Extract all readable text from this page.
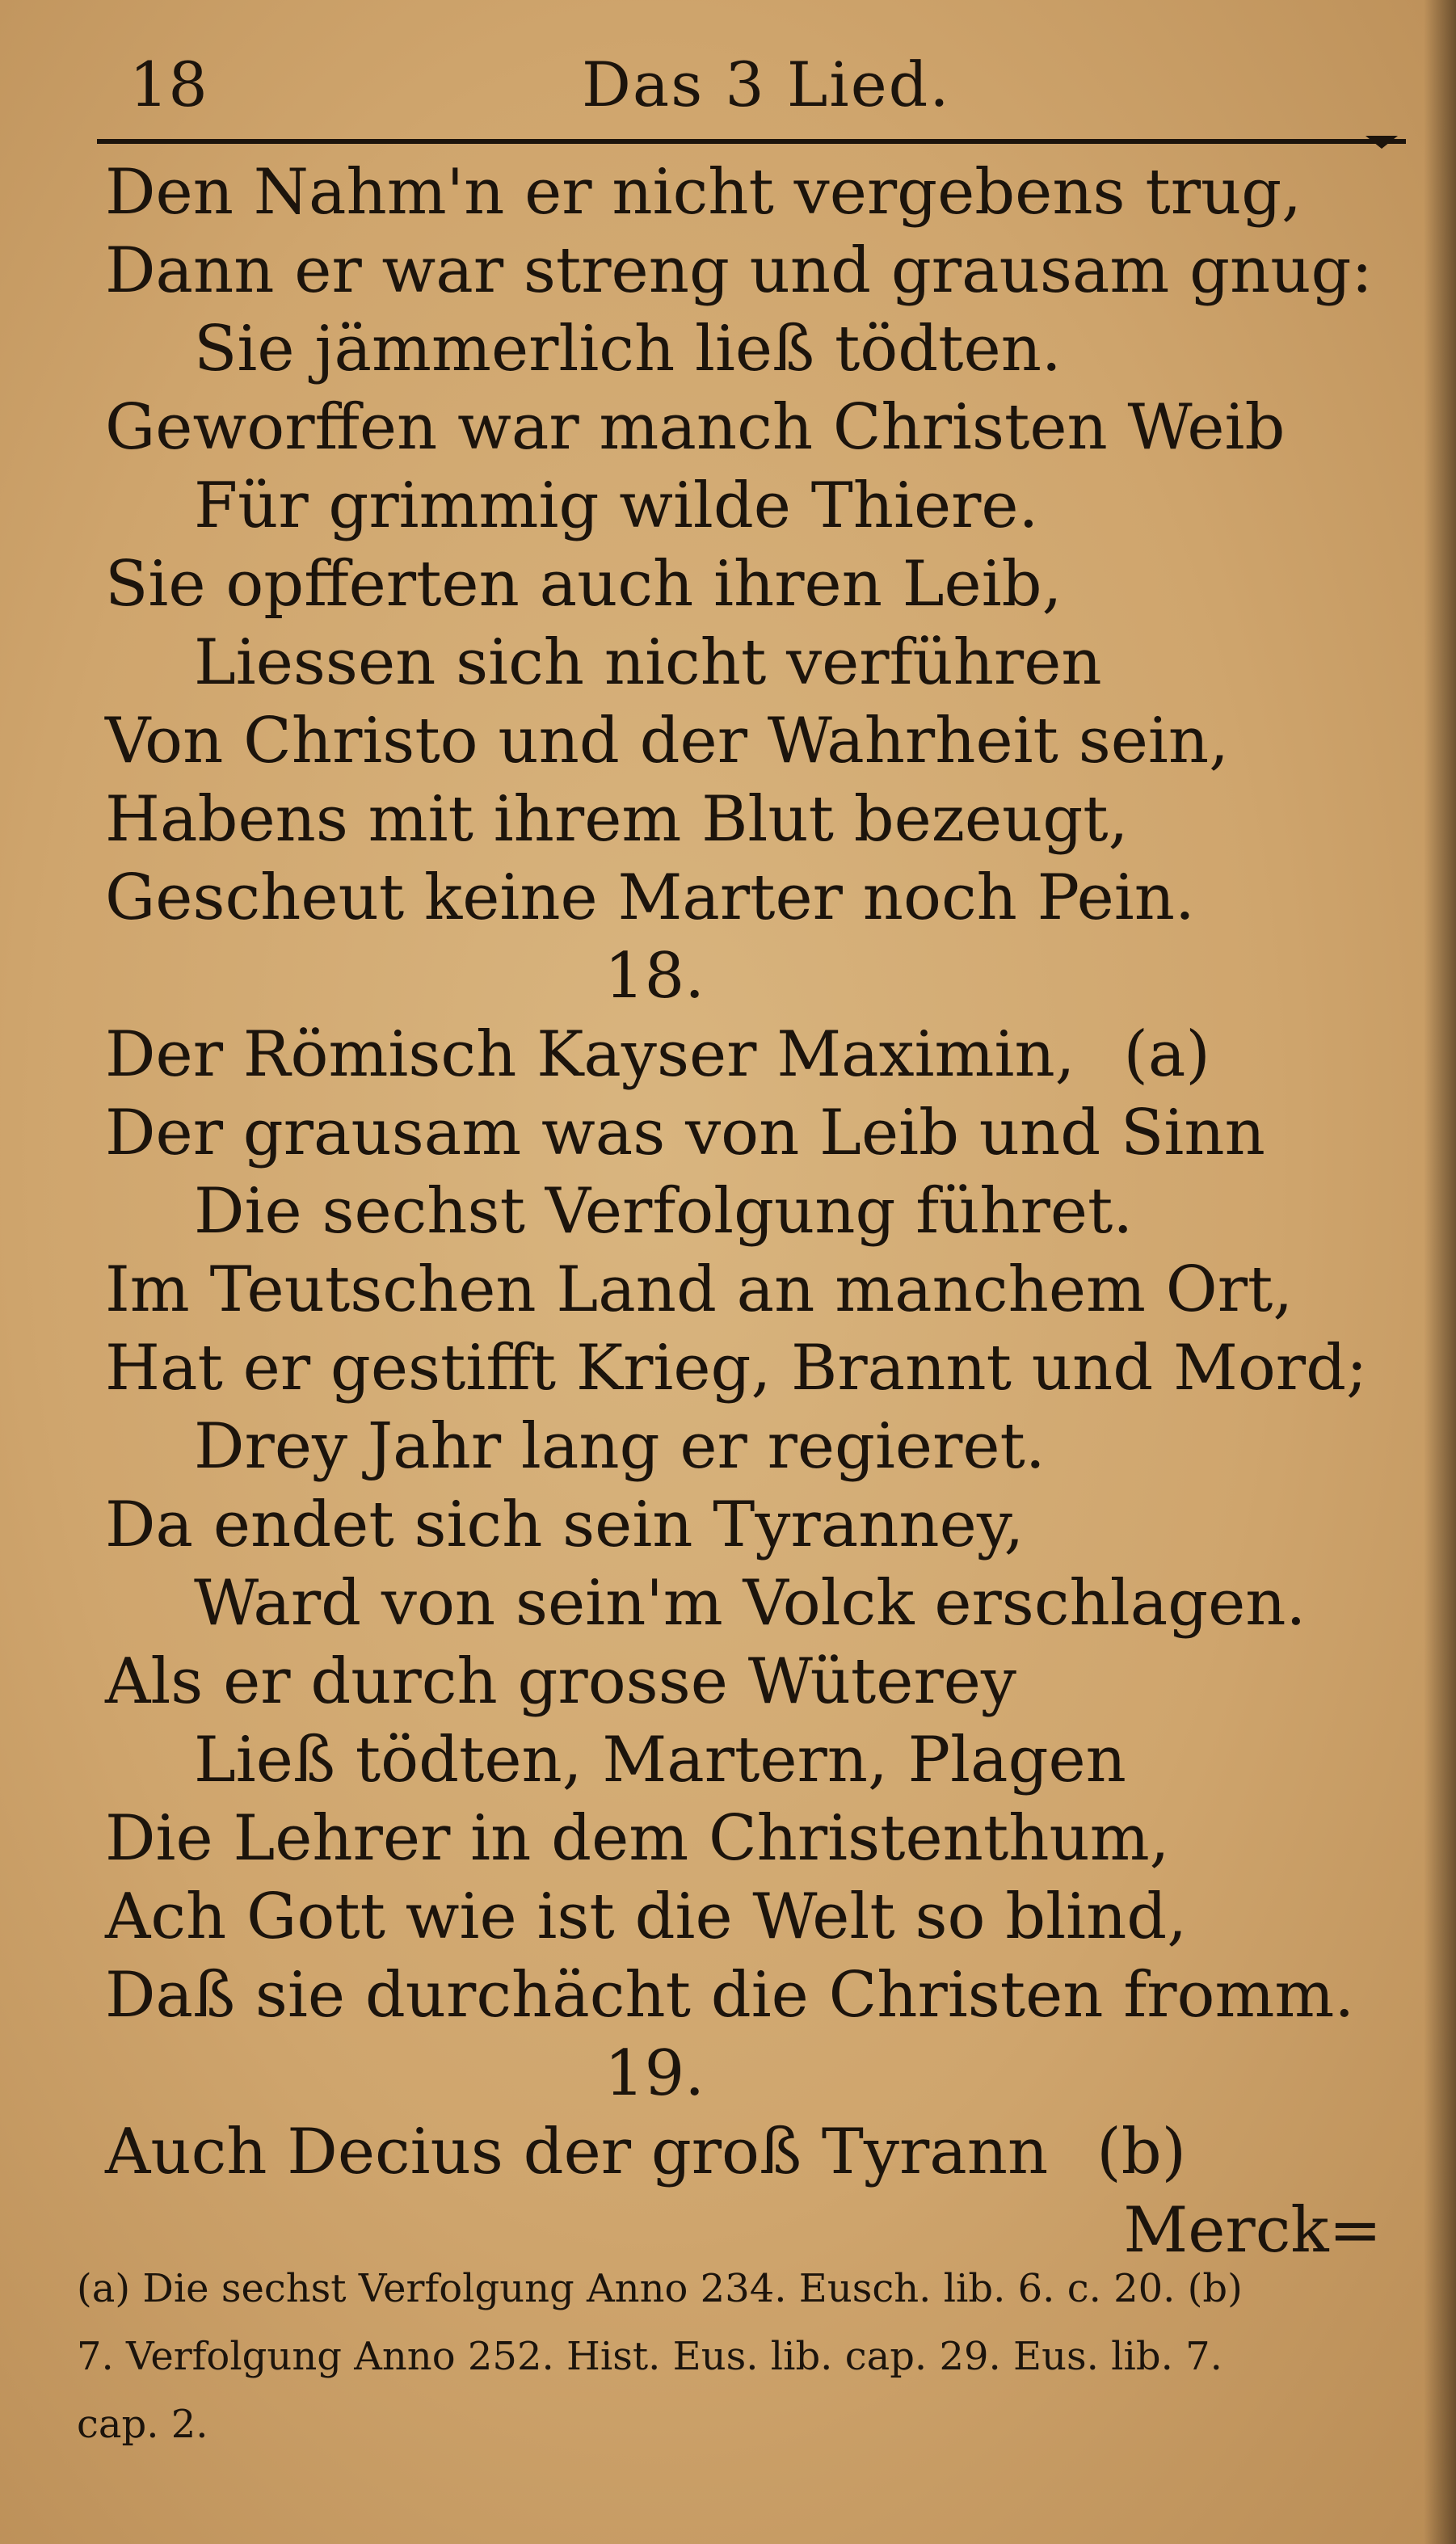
18	Das 3 Lied.
Den Nahm'n er nicht vergebens trug,
Dann er war streng und grausam gnug:
Sie jämmerlich ließ tödten.
Geworffen war manch Christen Weib
Für grimmig wilde Thiere.
Sie opfferten auch ihren Leib,
Liessen sich nicht verführen
Von Christo und der Wahrheit sein,
Habens mit ihrem Blut bezeugt,
Gescheut keine Marter noch Pein.
18.
Der Römisch Kayser Maximin, (a)
Der grausam was von Leib und Sinn
Die sechst Verfolgung führet.
Im Teutschen Land an manchem Ort,
Hat er gestifft Krieg, Brannt und Mord;
Drey Jahr lang er regieret.
Da endet sich sein Tyranney,
Ward von sein'm Volck erschlagen.
Als er durch grosse Wüterey
Ließ tödten, Martern, Plagen
Die Lehrer in dem Christenthum,
Ach Gott wie ist die Welt so blind,
Daß sie durchächt die Christen fromm.
19.
Auch Decius der groß Tyrann (b)
Merck=
(a) Die sechst Verfolgung Anno 234. Eusch. lib. 6. c. 20. (b)
7. Verfolgung Anno 252. Hist. Eus. lib. cap. 29. Eus. lib. 7.
cap. 2.
